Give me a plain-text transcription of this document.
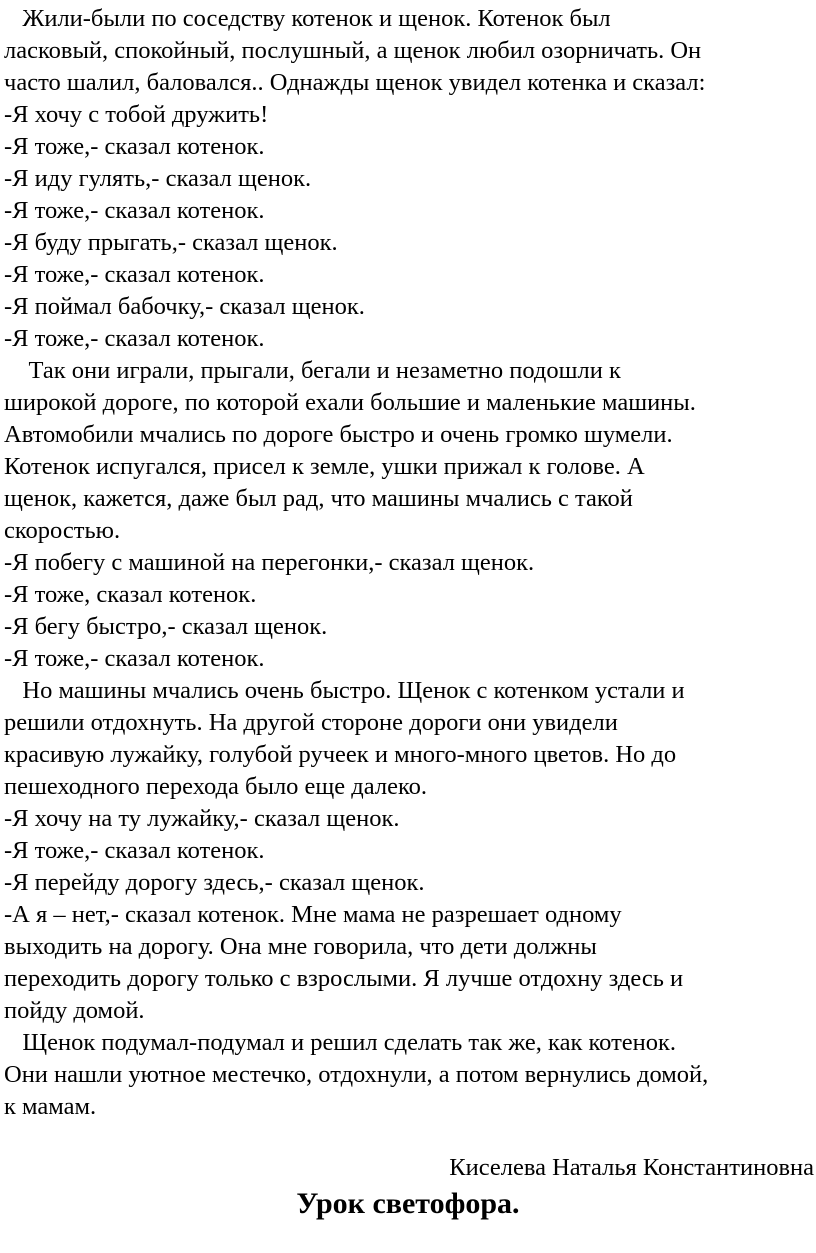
Жили-были по соседству котенок и щенок. Котенок был
ласковый, спокойный, послушный, а щенок любил озорничать. Он
часто шалил, баловался.. Однажды щенок увидел котенка и сказал:
-Я хочу с тобой дружить!
-Я тоже,- сказал котенок.
-Я иду гулять,- сказал щенок.
-Я тоже,- сказал котенок.
-Я буду прыгать,- сказал щенок.
-Я тоже,- сказал котенок.
-Я поймал бабочку,- сказал щенок.
-Я тоже,- сказал котенок.
Так они играли, прыгали, бегали и незаметно подошли к
широкой дороге, по которой ехали большие и маленькие машины.
Автомобили мчались по дороге быстро и очень громко шумели.
Котенок испугался, присел к земле, ушки прижал к голове. А
щенок, кажется, даже был рад, что машины мчались с такой
скоростью.
-Я побегу с машиной на перегонки,- сказал щенок.
-Я тоже, сказал котенок.
-Я бегу быстро,- сказал щенок.
-Я тоже,- сказал котенок.
Но машины мчались очень быстро. Щенок с котенком устали и
решили отдохнуть. На другой стороне дороги они увидели
красивую лужайку, голубой ручеек и много-много цветов. Но до
пешеходного перехода было еще далеко.
-Я хочу на ту лужайку,- сказал щенок.
-Я тоже,- сказал котенок.
-Я перейду дорогу здесь,- сказал щенок.
-А я – нет,- сказал котенок. Мне мама не разрешает одному
выходить на дорогу. Она мне говорила, что дети должны
переходить дорогу только с взрослыми. Я лучше отдохну здесь и
пойду домой.
Щенок подумал-подумал и решил сделать так же, как котенок.
Они нашли уютное местечко, отдохнули, а потом вернулись домой,
к мамам.
Киселева Наталья Константиновна
Урок светофора.
